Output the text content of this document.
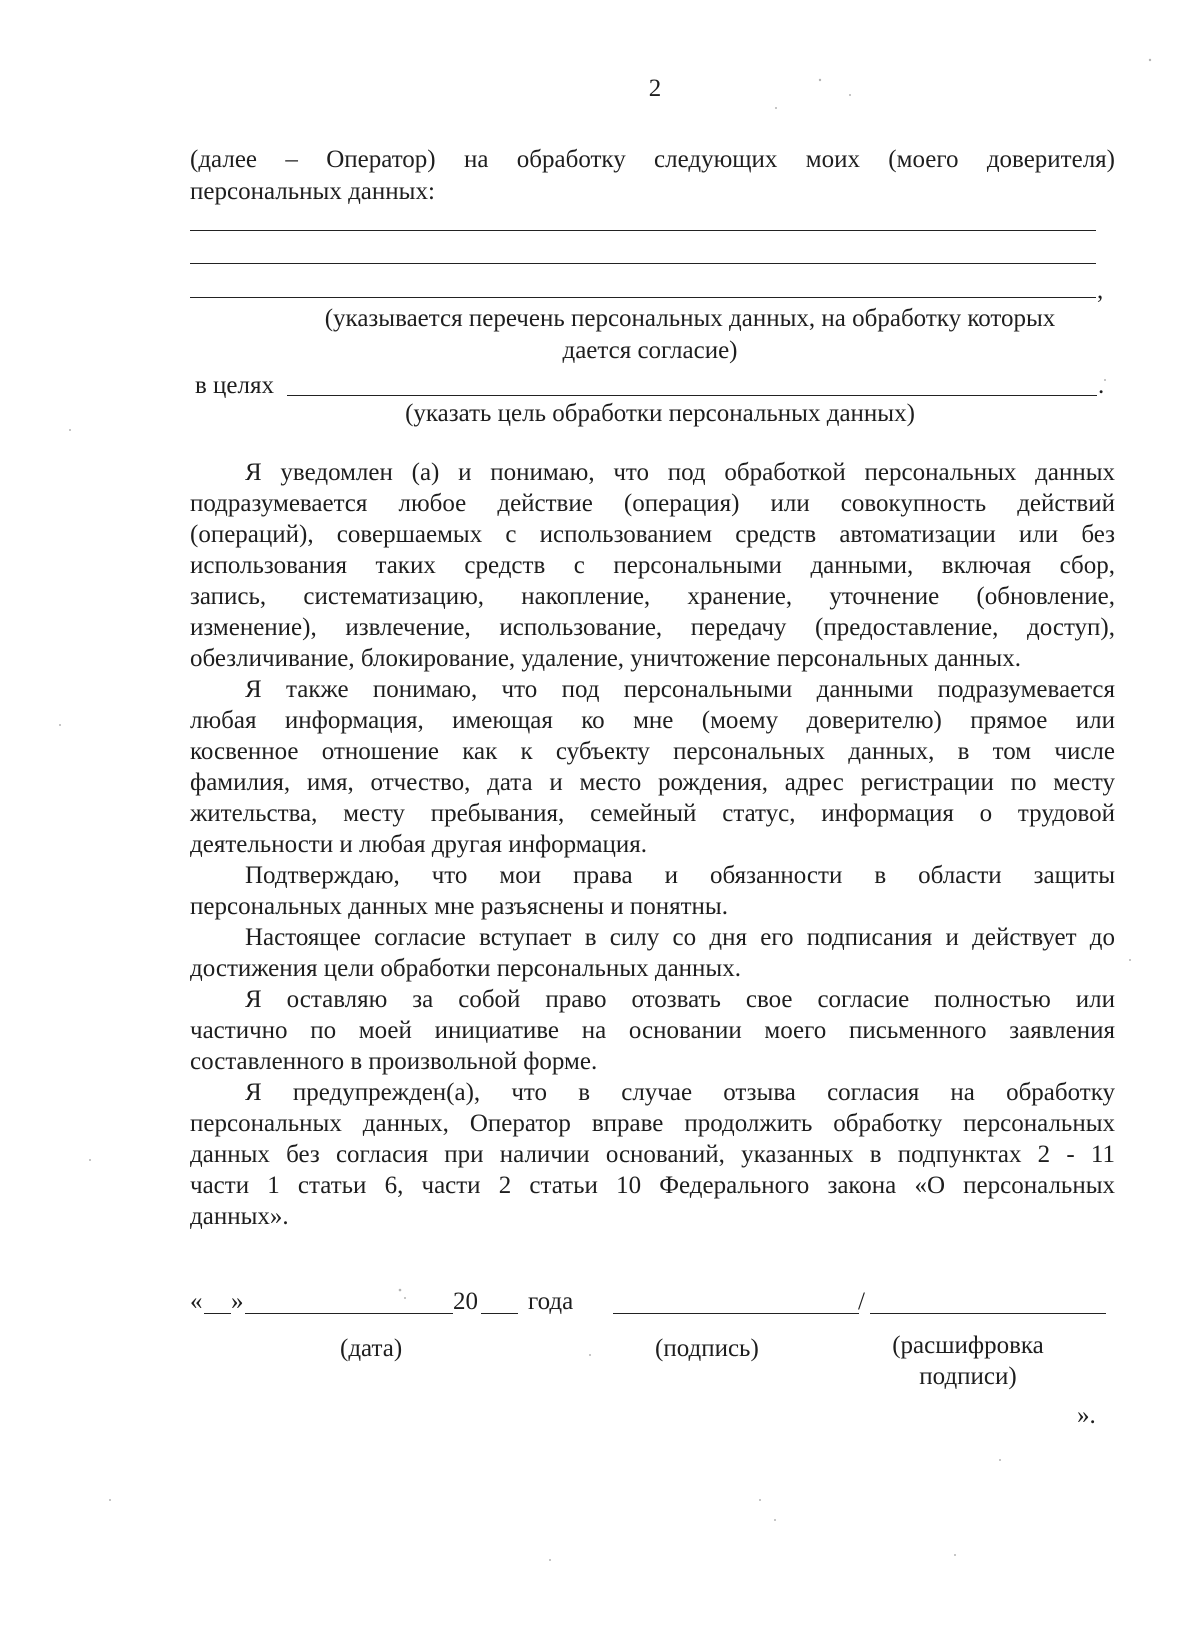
2
(далее – Оператор) на обработку следующих моих (моего доверителя)
персональных данных:
,
(указывается перечень персональных данных, на обработку которых
дается согласие)
в целях	.
(указать цель обработки персональных данных)
Я уведомлен (а) и понимаю, что под обработкой персональных данных
подразумевается любое действие (операция) или совокупность действий
(операций), совершаемых с использованием средств автоматизации или без
использования таких средств с персональными данными, включая сбор,
запись, систематизацию, накопление, хранение, уточнение (обновление,
изменение), извлечение, использование, передачу (предоставление, доступ),
обезличивание, блокирование, удаление, уничтожение персональных данных.
Я также понимаю, что под персональными данными подразумевается
любая информация, имеющая ко мне (моему доверителю) прямое или
косвенное отношение как к субъекту персональных данных, в том числе
фамилия, имя, отчество, дата и место рождения, адрес регистрации по месту
жительства, месту пребывания, семейный статус, информация о трудовой
деятельности и любая другая информация.
Подтверждаю, что мои права и обязанности в области защиты
персональных данных мне разъяснены и понятны.
Настоящее согласие вступает в силу со дня его подписания и действует до
достижения цели обработки персональных данных.
Я оставляю за собой право отозвать свое согласие полностью или
частично по моей инициативе на основании моего письменного заявления
составленного в произвольной форме.
Я предупрежден(а), что в случае отзыва согласия на обработку
персональных данных, Оператор вправе продолжить обработку персональных
данных без согласия при наличии оснований, указанных в подпунктах 2 - 11
части 1 статьи 6, части 2 статьи 10 Федерального закона «О персональных
данных».
« »	20 года	/
(дата)	(подпись)	(расшифровка
подписи)
».
